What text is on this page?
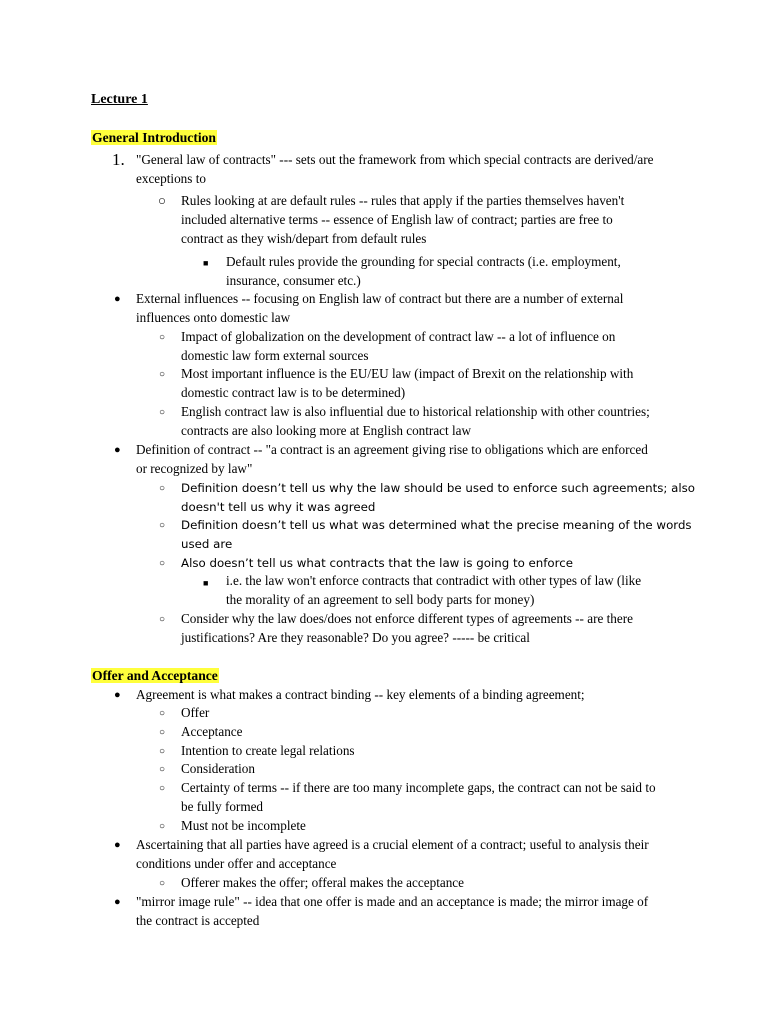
Lecture 1
General Introduction
1. "General law of contracts" --- sets out the framework from which special contracts are derived/are
exceptions to
○ Rules looking at are default rules -- rules that apply if the parties themselves haven't
included alternative terms -- essence of English law of contract; parties are free to
contract as they wish/depart from default rules
■ Default rules provide the grounding for special contracts (i.e. employment,
insurance, consumer etc.)
● External influences -- focusing on English law of contract but there are a number of external
influences onto domestic law
○ Impact of globalization on the development of contract law -- a lot of influence on
domestic law form external sources
○ Most important influence is the EU/EU law (impact of Brexit on the relationship with
domestic contract law is to be determined)
○ English contract law is also influential due to historical relationship with other countries;
contracts are also looking more at English contract law
● Definition of contract -- "a contract is an agreement giving rise to obligations which are enforced
or recognized by law"
○ Definition doesn’t tell us why the law should be used to enforce such agreements; also
doesn't tell us why it was agreed
○ Definition doesn’t tell us what was determined what the precise meaning of the words
used are
○ Also doesn’t tell us what contracts that the law is going to enforce
■ i.e. the law won't enforce contracts that contradict with other types of law (like
the morality of an agreement to sell body parts for money)
○ Consider why the law does/does not enforce different types of agreements -- are there
justifications? Are they reasonable? Do you agree? ----- be critical
Offer and Acceptance
● Agreement is what makes a contract binding -- key elements of a binding agreement;
○ Offer
○ Acceptance
○ Intention to create legal relations
○ Consideration
○ Certainty of terms -- if there are too many incomplete gaps, the contract can not be said to
be fully formed
○ Must not be incomplete
● Ascertaining that all parties have agreed is a crucial element of a contract; useful to analysis their
conditions under offer and acceptance
○ Offerer makes the offer; offeral makes the acceptance
● "mirror image rule" -- idea that one offer is made and an acceptance is made; the mirror image of
the contract is accepted
